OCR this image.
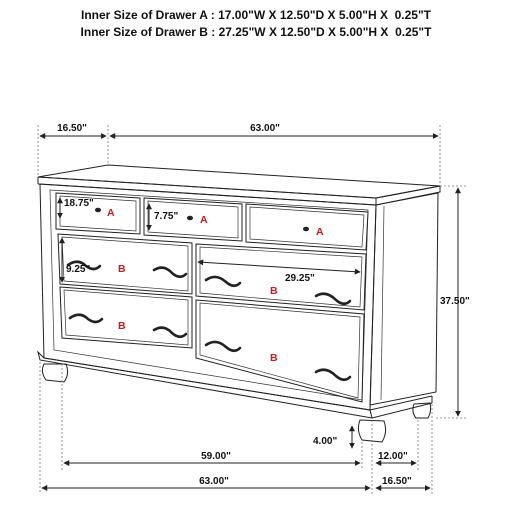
Inner Size of Drawer A : 17.00"W X 12.50"D X 5.00"H X  0.25"T
Inner Size of Drawer B : 27.25"W X 12.50"D X 5.00"H X  0.25"T
A
A
A
B
B
B
B
16.50"	63.00"
37.50"
18.75"
7.75"
9.25"
29.25"
4.00"
59.00"
63.00"
12.00"
16.50"
